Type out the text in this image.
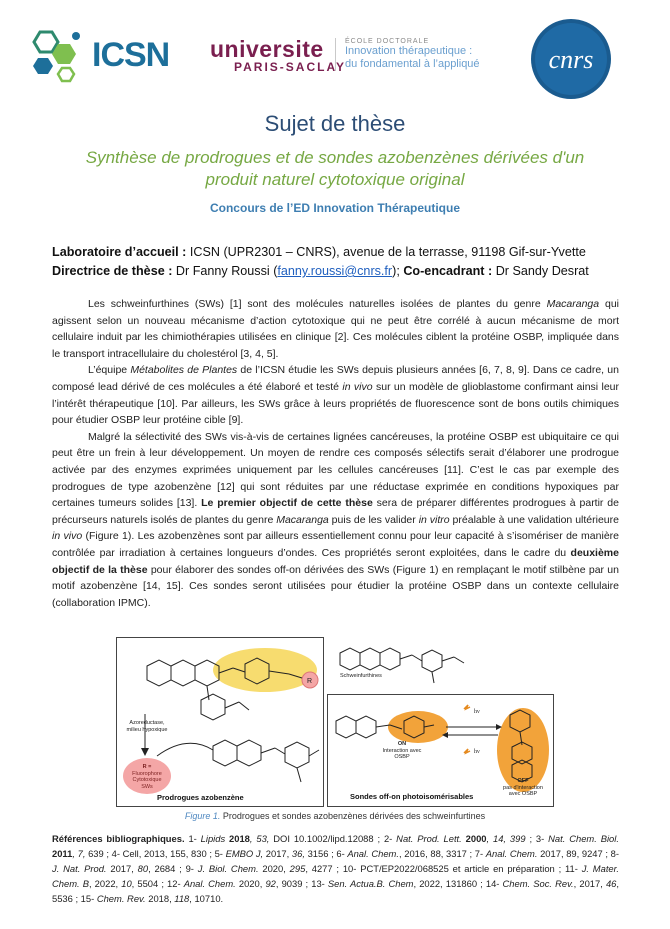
ICSN universite
PARIS-SACLAY
ÉCOLE DOCTORALE
Innovation thérapeutique :
du fondamental à l’appliqué	cnrs
Sujet de thèse
Synthèse de prodrogues et de sondes azobenzènes dérivées d'un produit naturel cytotoxique original
Concours de l’ED Innovation Thérapeutique
Laboratoire d’accueil : ICSN (UPR2301 – CNRS), avenue de la terrasse, 91198 Gif-sur-Yvette
Directrice de thèse : Dr Fanny Roussi (fanny.roussi@cnrs.fr); Co-encadrant : Dr Sandy Desrat

Les schweinfurthines (SWs) [1] sont des molécules naturelles isolées de plantes du genre Macaranga qui agissent selon un nouveau mécanisme d’action cytotoxique qui ne peut être corrélé à aucun mécanisme de mort cellulaire induit par les chimiothérapies utilisées en clinique [2]. Ces molécules ciblent la protéine OSBP, impliquée dans le transport intracellulaire du cholestérol [3, 4, 5].

L’équipe Métabolites de Plantes de l’ICSN étudie les SWs depuis plusieurs années [6, 7, 8, 9]. Dans ce cadre, un composé lead dérivé de ces molécules a été élaboré et testé in vivo sur un modèle de glioblastome confirmant ainsi leur l’intérêt thérapeutique [10]. Par ailleurs, les SWs grâce à leurs propriétés de fluorescence sont de bons outils chimiques pour étudier OSBP leur protéine cible [9].

Malgré la sélectivité des SWs vis-à-vis de certaines lignées cancéreuses, la protéine OSBP est ubiquitaire ce qui peut être un frein à leur développement. Un moyen de rendre ces composés sélectifs serait d’élaborer une prodrogue activée par des enzymes exprimées uniquement par les cellules cancéreuses [11]. C’est le cas par exemple des prodrogues de type azobenzène [12] qui sont réduites par une réductase exprimée en conditions hypoxiques par certaines tumeurs solides [13]. Le premier objectif de cette thèse sera de préparer différentes prodrogues à partir de précurseurs naturels isolés de plantes du genre Macaranga puis de les valider in vitro préalable à une validation ultérieure in vivo (Figure 1). Les azobenzènes sont par ailleurs essentiellement connu pour leur capacité à s’isomériser de manière contrôlée par irradiation à certaines longueurs d’ondes. Ces propriétés seront exploitées, dans le cadre du deuxième objectif de la thèse pour élaborer des sondes off-on dérivées des SWs (Figure 1) en remplaçant le motif stilbène par un motif azobenzène [14, 15]. Ces sondes seront utilisées pour étudier la protéine OSBP dans un contexte cellulaire (collaboration IPMC).

R
Azoreductase,
milieu hypoxique
R =
Fluorophore
Cytotoxique
SWs
Prodrogues azobenzène
Schweinfurthines
hν
hν
ON
Interaction avec
OSBP
OFF
pas d'interaction
avec OSBP
Sondes off-on photoisomérisables
Figure 1. Prodrogues et sondes azobenzènes dérivées des schweinfurtines
Références bibliographiques. 1- Lipids 2018, 53, DOI 10.1002/lipd.12088 ; 2- Nat. Prod. Lett. 2000, 14, 399 ; 3- Nat. Chem. Biol. 2011, 7, 639 ; 4- Cell, 2013, 155, 830 ; 5- EMBO J, 2017, 36, 3156 ; 6- Anal. Chem., 2016, 88, 3317 ; 7- Anal. Chem. 2017, 89, 9247 ; 8- J. Nat. Prod. 2017, 80, 2684 ; 9- J. Biol. Chem. 2020, 295, 4277 ; 10- PCT/EP2022/068525 et article en préparation ; 11- J. Mater. Chem. B, 2022, 10, 5504 ; 12- Anal. Chem. 2020, 92, 9039 ; 13- Sen. Actua.B. Chem, 2022, 131860 ; 14- Chem. Soc. Rev., 2017, 46, 5536 ; 15- Chem. Rev. 2018, 118, 10710.
